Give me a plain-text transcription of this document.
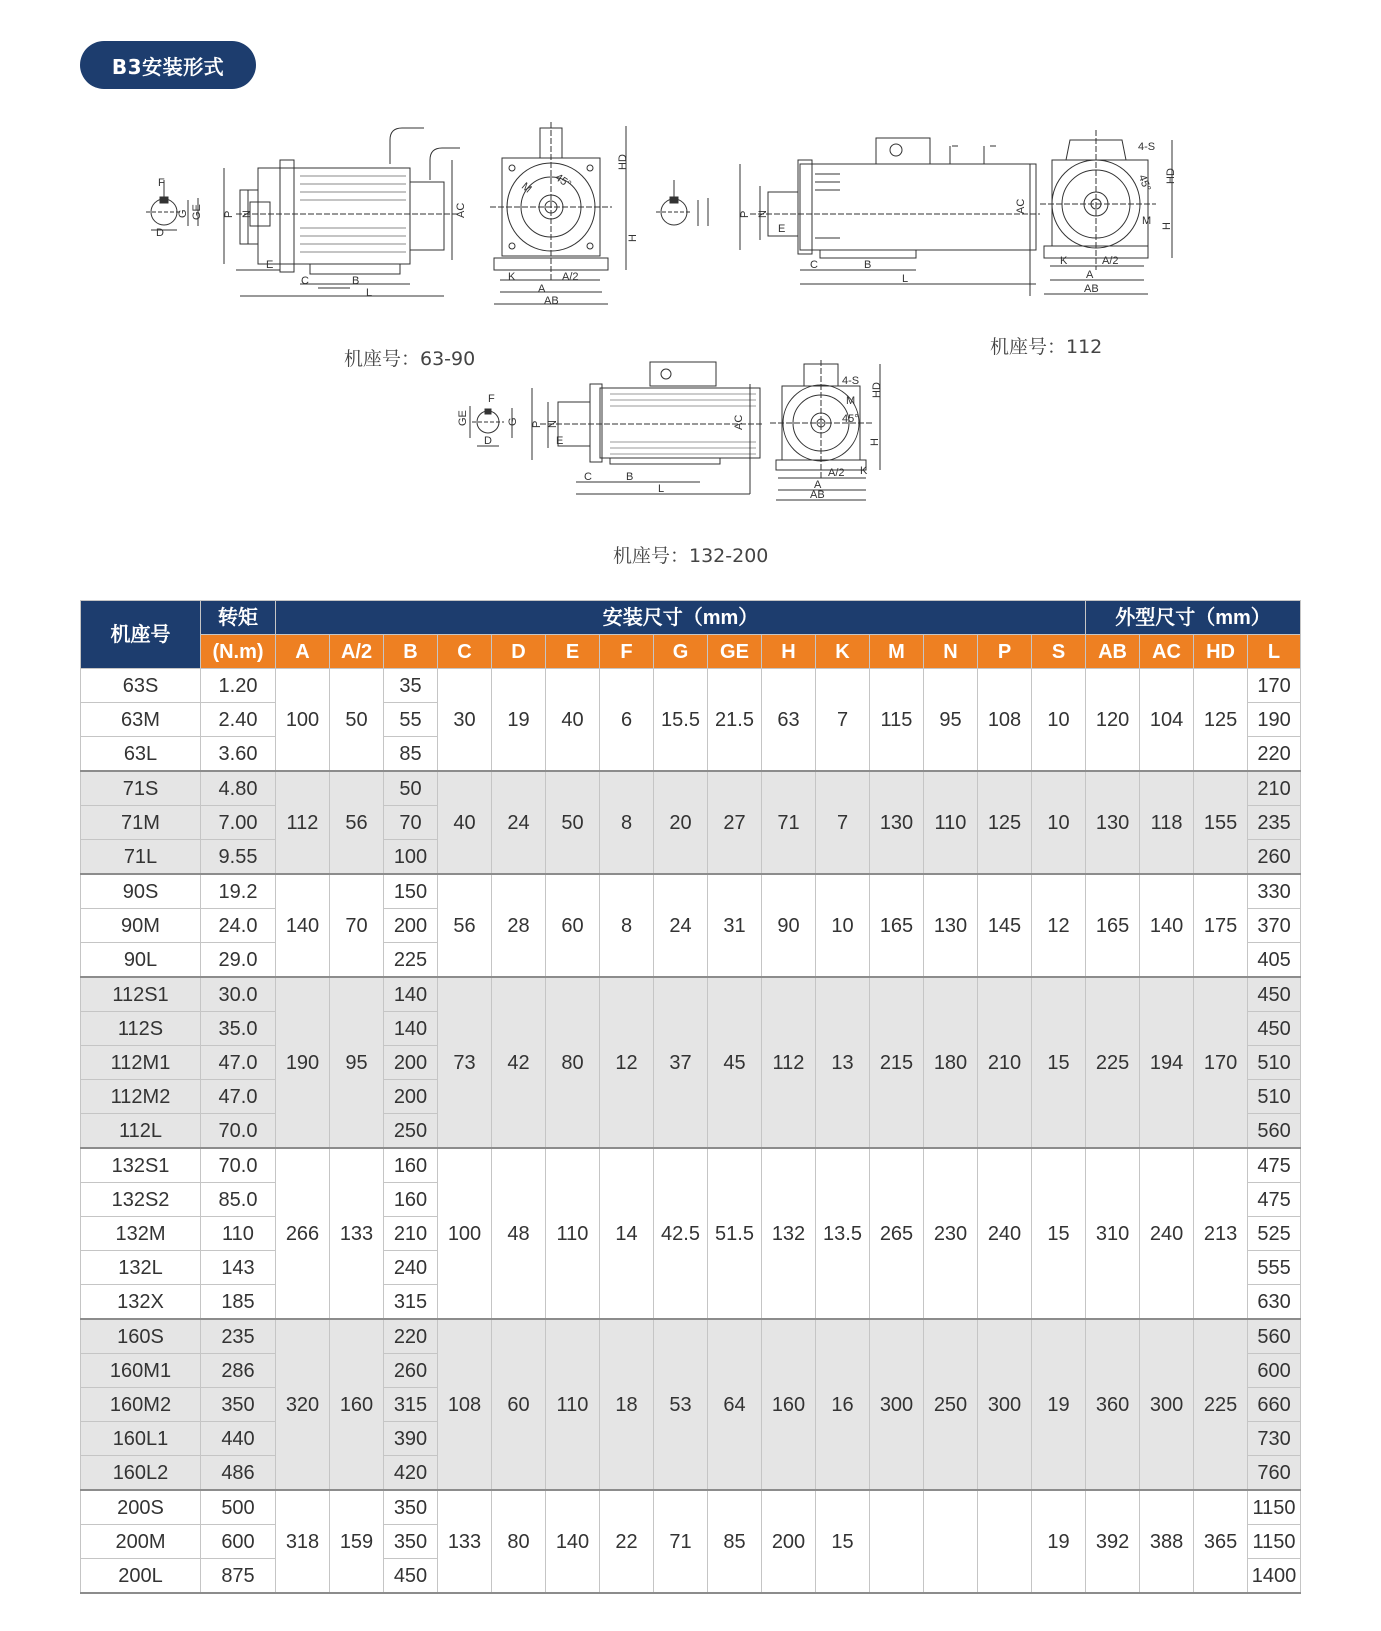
B3安装形式
F
D
G GE P N
E
C	B
L
AC
M 45°
HD
H
K	A/2
A
AB
机座号：63-90
P N
E
C	B
L
AC
4-S
45°
M
HD
H
K	A/2
A
AB
机座号：112
GE
F
D
G P N
E
C	B
L
AC
4-S
M
45°
HD
H
A/2 K
A
AB
机座号：132-200
机座号	转矩	安装尺寸（mm）															外型尺寸（mm）			
	(N.m)	A	A/2	B	C	D	E	F	G	GE	H	K	M	N	P	S	AB	AC	HD	L
63S	1.20	100	50	35	30	19	40	6	15.5	21.5	63	7	115	95	108	10	120	104	125	170
63M	2.40			55																190
63L	3.60			85																220
71S	4.80	112	56	50	40	24	50	8	20	27	71	7	130	110	125	10	130	118	155	210
71M	7.00			70																235
71L	9.55			100																260
90S	19.2	140	70	150	56	28	60	8	24	31	90	10	165	130	145	12	165	140	175	330
90M	24.0			200																370
90L	29.0			225																405
112S1	30.0	190	95	140	73	42	80	12	37	45	112	13	215	180	210	15	225	194	170	450
112S	35.0			140																450
112M1	47.0			200																510
112M2	47.0			200																510
112L	70.0			250																560
132S1	70.0	266	133	160	100	48	110	14	42.5	51.5	132	13.5	265	230	240	15	310	240	213	475
132S2	85.0			160																475
132M	110			210																525
132L	143			240																555
132X	185			315																630
160S	235	320	160	220	108	60	110	18	53	64	160	16	300	250	300	19	360	300	225	560
160M1	286			260																600
160M2	350			315																660
160L1	440			390																730
160L2	486			420																760
200S	500	318	159	350	133	80	140	22	71	85	200	15				19	392	388	365	1150
200M	600			350																1150
200L	875			450																1400
